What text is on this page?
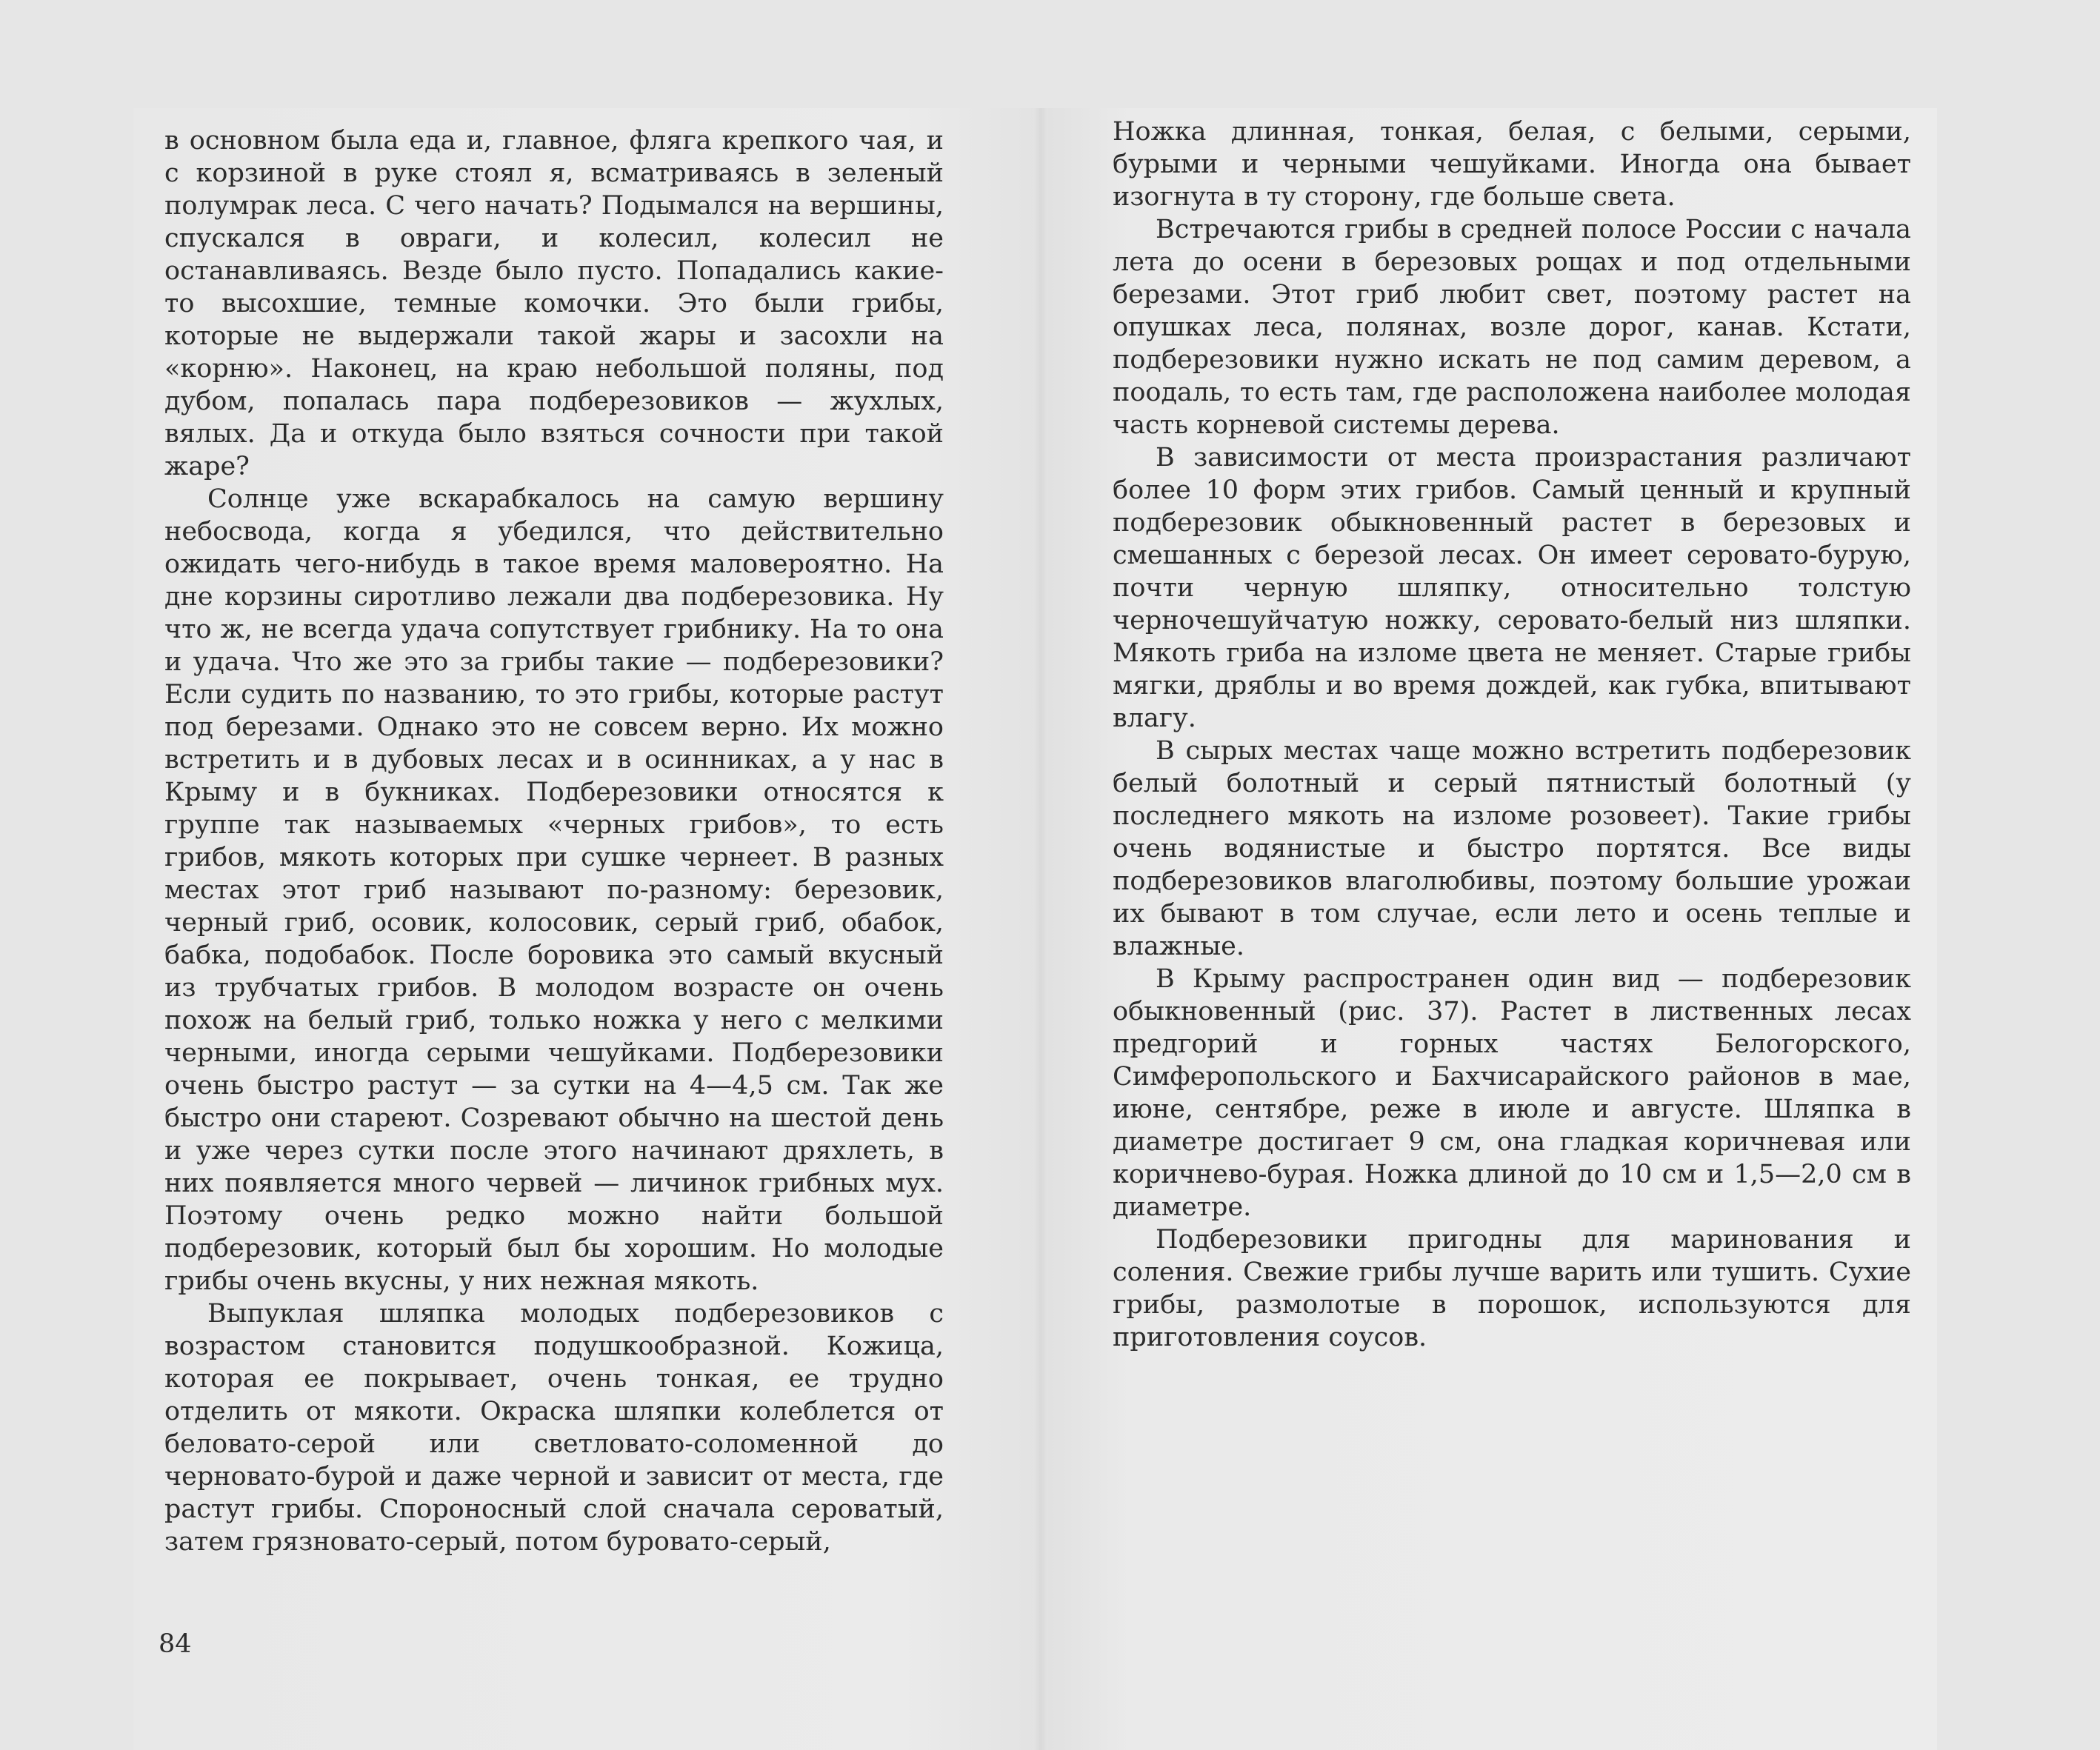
в основном была еда и, главное, фляга крепкого чая, и с корзиной в руке стоял я, всматриваясь в зеленый полумрак леса. С чего начать? Подымался на вершины, спускался в овраги, и колесил, колесил не останавливаясь. Везде было пусто. Попадались какие-то высохшие, темные комочки. Это были грибы, которые не выдержали такой жары и засохли на «корню». Наконец, на краю небольшой поляны, под дубом, попалась пара подберезовиков — жухлых, вялых. Да и откуда было взяться сочности при такой жаре?

Солнце уже вскарабкалось на самую вершину небосвода, когда я убедился, что действительно ожидать чего-нибудь в такое время маловероятно. На дне корзины сиротливо лежали два подберезовика. Ну что ж, не всегда удача сопутствует грибнику. На то она и удача. Что же это за грибы такие — подберезовики? Если судить по названию, то это грибы, которые растут под березами. Однако это не совсем верно. Их можно встретить и в дубовых лесах и в осинниках, а у нас в Крыму и в букниках. Подберезовики относятся к группе так называемых «черных грибов», то есть грибов, мякоть которых при сушке чернеет. В разных местах этот гриб называют по-разному: березовик, черный гриб, осовик, колосовик, серый гриб, обабок, бабка, подобабок. После боровика это самый вкусный из трубчатых грибов. В молодом возрасте он очень похож на белый гриб, только ножка у него с мелкими черными, иногда серыми чешуйками. Подберезовики очень быстро растут — за сутки на 4—4,5 см. Так же быстро они стареют. Созревают обычно на шестой день и уже через сутки после этого начинают дряхлеть, в них появляется много червей — личинок грибных мух. Поэтому очень редко можно найти большой подберезовик, который был бы хорошим. Но молодые грибы очень вкусны, у них нежная мякоть.

Выпуклая шляпка молодых подберезовиков с возрастом становится подушкообразной. Кожица, которая ее покрывает, очень тонкая, ее трудно отделить от мякоти. Окраска шляпки колеблется от беловато-серой или светловато-соломенной до черновато-бурой и даже черной и зависит от места, где растут грибы. Спороносный слой сначала сероватый, затем грязновато-серый, потом буровато-серый,

84

Ножка длинная, тонкая, белая, с белыми, серыми, бурыми и черными чешуйками. Иногда она бывает изогнута в ту сторону, где больше света.

Встречаются грибы в средней полосе России с начала лета до осени в березовых рощах и под отдельными березами. Этот гриб любит свет, поэтому растет на опушках леса, полянах, возле дорог, канав. Кстати, подберезовики нужно искать не под самим деревом, а поодаль, то есть там, где расположена наиболее молодая часть корневой системы дерева.

В зависимости от места произрастания различают более 10 форм этих грибов. Самый ценный и крупный подберезовик обыкновенный растет в березовых и смешанных с березой лесах. Он имеет серовато-бурую, почти черную шляпку, относительно толстую черночешуйчатую ножку, серовато-белый низ шляпки. Мякоть гриба на изломе цвета не меняет. Старые грибы мягки, дряблы и во время дождей, как губка, впитывают влагу.

В сырых местах чаще можно встретить подберезовик белый болотный и серый пятнистый болотный (у последнего мякоть на изломе розовеет). Такие грибы очень водянистые и быстро портятся. Все виды подберезовиков влаголюбивы, поэтому большие урожаи их бывают в том случае, если лето и осень теплые и влажные.

В Крыму распространен один вид — подберезовик обыкновенный (рис. 37). Растет в лиственных лесах предгорий и горных частях Белогорского, Симферопольского и Бахчисарайского районов в мае, июне, сентябре, реже в июле и августе. Шляпка в диаметре достигает 9 см, она гладкая коричневая или коричнево-бурая. Ножка длиной до 10 см и 1,5—2,0 см в диаметре.

Подберезовики пригодны для маринования и соления. Свежие грибы лучше варить или тушить. Сухие грибы, размолотые в порошок, используются для приготовления соусов.
